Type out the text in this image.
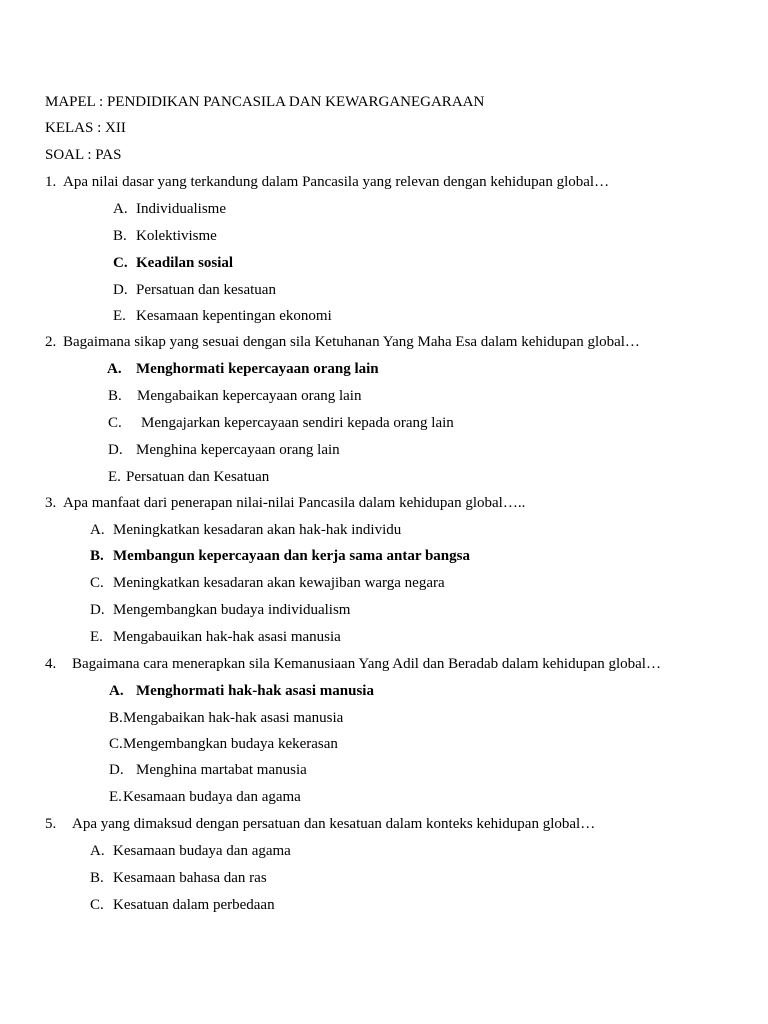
MAPEL : PENDIDIKAN PANCASILA DAN KEWARGANEGARAAN
KELAS : XII
SOAL : PAS
1. Apa nilai dasar yang terkandung dalam Pancasila yang relevan dengan kehidupan global…
A. Individualisme
B. Kolektivisme
C. Keadilan sosial
D. Persatuan dan kesatuan
E. Kesamaan kepentingan ekonomi
2. Bagaimana sikap yang sesuai dengan sila Ketuhanan Yang Maha Esa dalam kehidupan global…
A. Menghormati kepercayaan orang lain
B.	Mengabaikan kepercayaan orang lain
C.	Mengajarkan kepercayaan sendiri kepada orang lain
D. Menghina kepercayaan orang lain
E. Persatuan dan Kesatuan
3. Apa manfaat dari penerapan nilai-nilai Pancasila dalam kehidupan global…..
A. Meningkatkan kesadaran akan hak-hak individu
B. Membangun kepercayaan dan kerja sama antar bangsa
C. Meningkatkan kesadaran akan kewajiban warga negara
D. Mengembangkan budaya individualism
E. Mengabauikan hak-hak asasi manusia
4.	Bagaimana cara menerapkan sila Kemanusiaan Yang Adil dan Beradab dalam kehidupan global…
A. Menghormati hak-hak asasi manusia
B. Mengabaikan hak-hak asasi manusia
C. Mengembangkan budaya kekerasan
D. Menghina martabat manusia
E. Kesamaan budaya dan agama
5.	Apa yang dimaksud dengan persatuan dan kesatuan dalam konteks kehidupan global…
A. Kesamaan budaya dan agama
B. Kesamaan bahasa dan ras
C. Kesatuan dalam perbedaan
